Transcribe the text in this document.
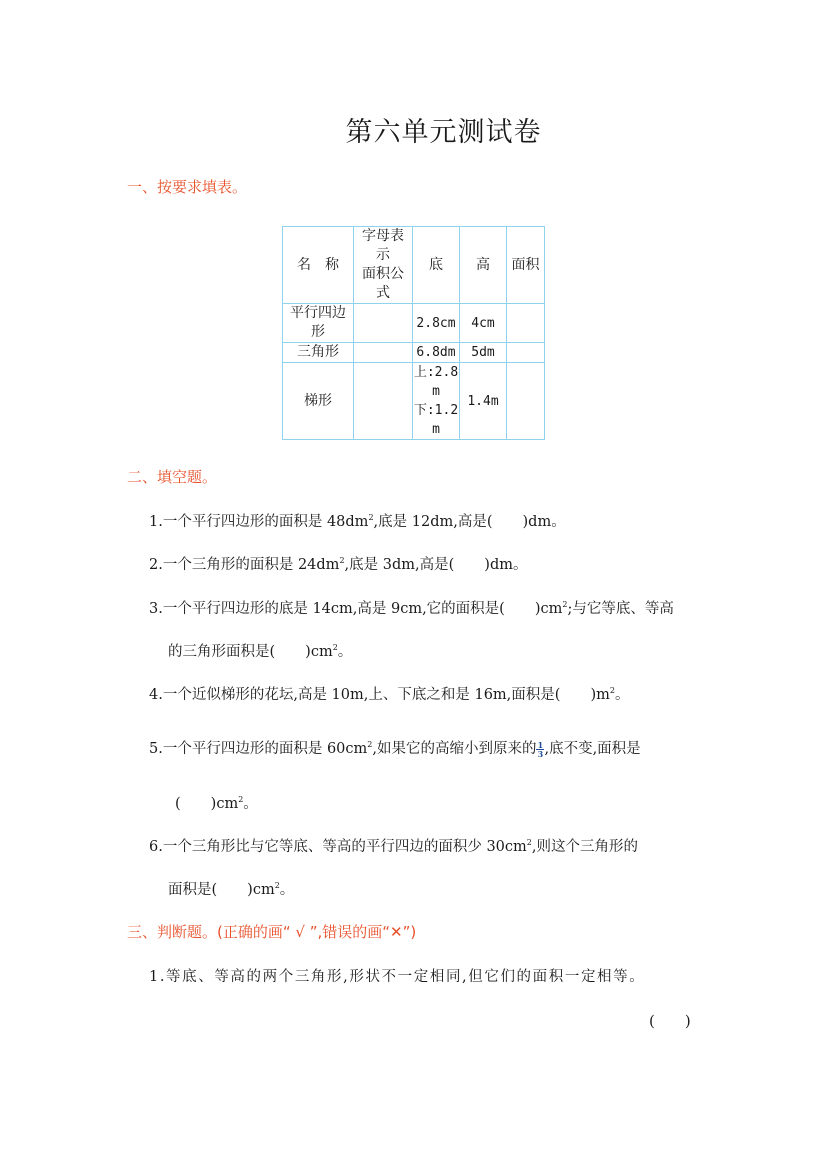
第六单元测试卷
一、按要求填表。
名　称	字母表
示
面积公
式	底	高	面积

平行四边
形		2.8cm	4cm	
三角形		6.8dm	5dm	
梯形		上:2.8
m
下:1.2
m	1.4m	
二、填空题。
1.一个平行四边形的面积是 $48dm^2$,底是 12dm,高是( )dm。
2.一个三角形的面积是 $24dm^2$,底是 3dm,高是( )dm。
3.一个平行四边形的底是 14cm,高是 9cm,它的面积是( )$cm^2$;与它等底、等高
的三角形面积是( )$cm^2$。
4.一个近似梯形的花坛,高是 10m,上、下底之和是 16m,面积是( )$m^2$。
5.一个平行四边形的面积是 $60cm^2$,如果它的高缩小到原来的 $\frac{1}{3}$ ,底不变,面积是
( )$cm^2$。
6.一个三角形比与它等底、等高的平行四边的面积少 $30cm^2$,则这个三角形的
面积是( )$cm^2$。
三、判断题。(正确的画“ √ ”,错误的画“✕”)
1.等底、等高的两个三角形,形状不一定相同,但它们的面积一定相等。
(　　)
